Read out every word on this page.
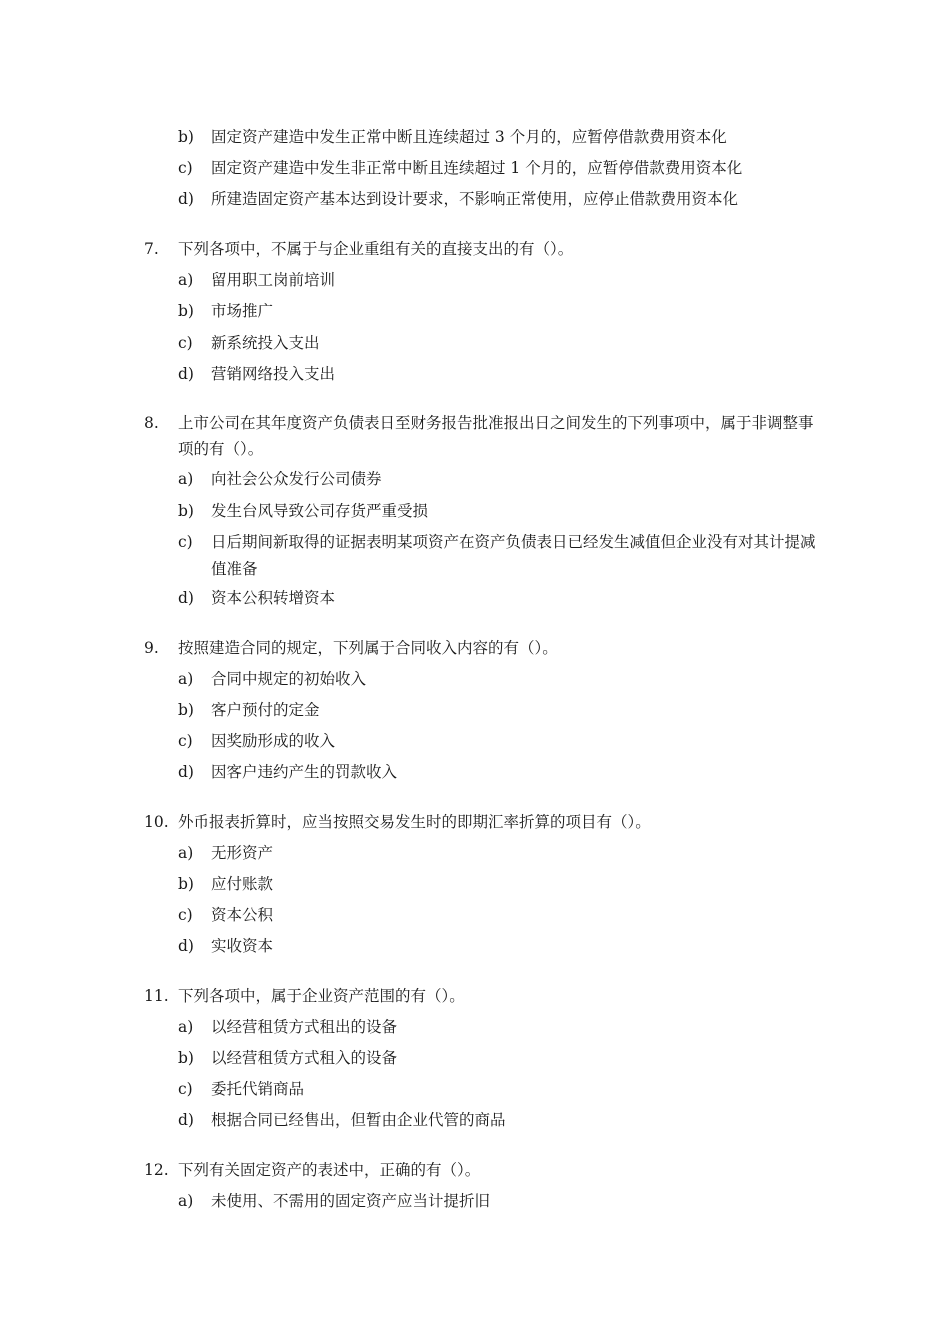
b)	固定资产建造中发生正常中断且连续超过 3 个月的，应暂停借款费用资本化
c)	固定资产建造中发生非正常中断且连续超过 1 个月的，应暂停借款费用资本化
d)	所建造固定资产基本达到设计要求，不影响正常使用，应停止借款费用资本化
7.	下列各项中，不属于与企业重组有关的直接支出的有（）。
a)	留用职工岗前培训
b)	市场推广
c)	新系统投入支出
d)	营销网络投入支出
8.	上市公司在其年度资产负债表日至财务报告批准报出日之间发生的下列事项中，属于非调整事项的有（）。
a)	向社会公众发行公司债券
b)	发生台风导致公司存货严重受损
c)	日后期间新取得的证据表明某项资产在资产负债表日已经发生减值但企业没有对其计提减值准备
d)	资本公积转增资本
9.	按照建造合同的规定，下列属于合同收入内容的有（）。
a)	合同中规定的初始收入
b)	客户预付的定金
c)	因奖励形成的收入
d)	因客户违约产生的罚款收入
10. 外币报表折算时，应当按照交易发生时的即期汇率折算的项目有（）。
a)	无形资产
b)	应付账款
c)	资本公积
d)	实收资本
11. 下列各项中，属于企业资产范围的有（）。
a)	以经营租赁方式租出的设备
b)	以经营租赁方式租入的设备
c)	委托代销商品
d)	根据合同已经售出，但暂由企业代管的商品
12. 下列有关固定资产的表述中，正确的有（）。
a)	未使用、不需用的固定资产应当计提折旧
